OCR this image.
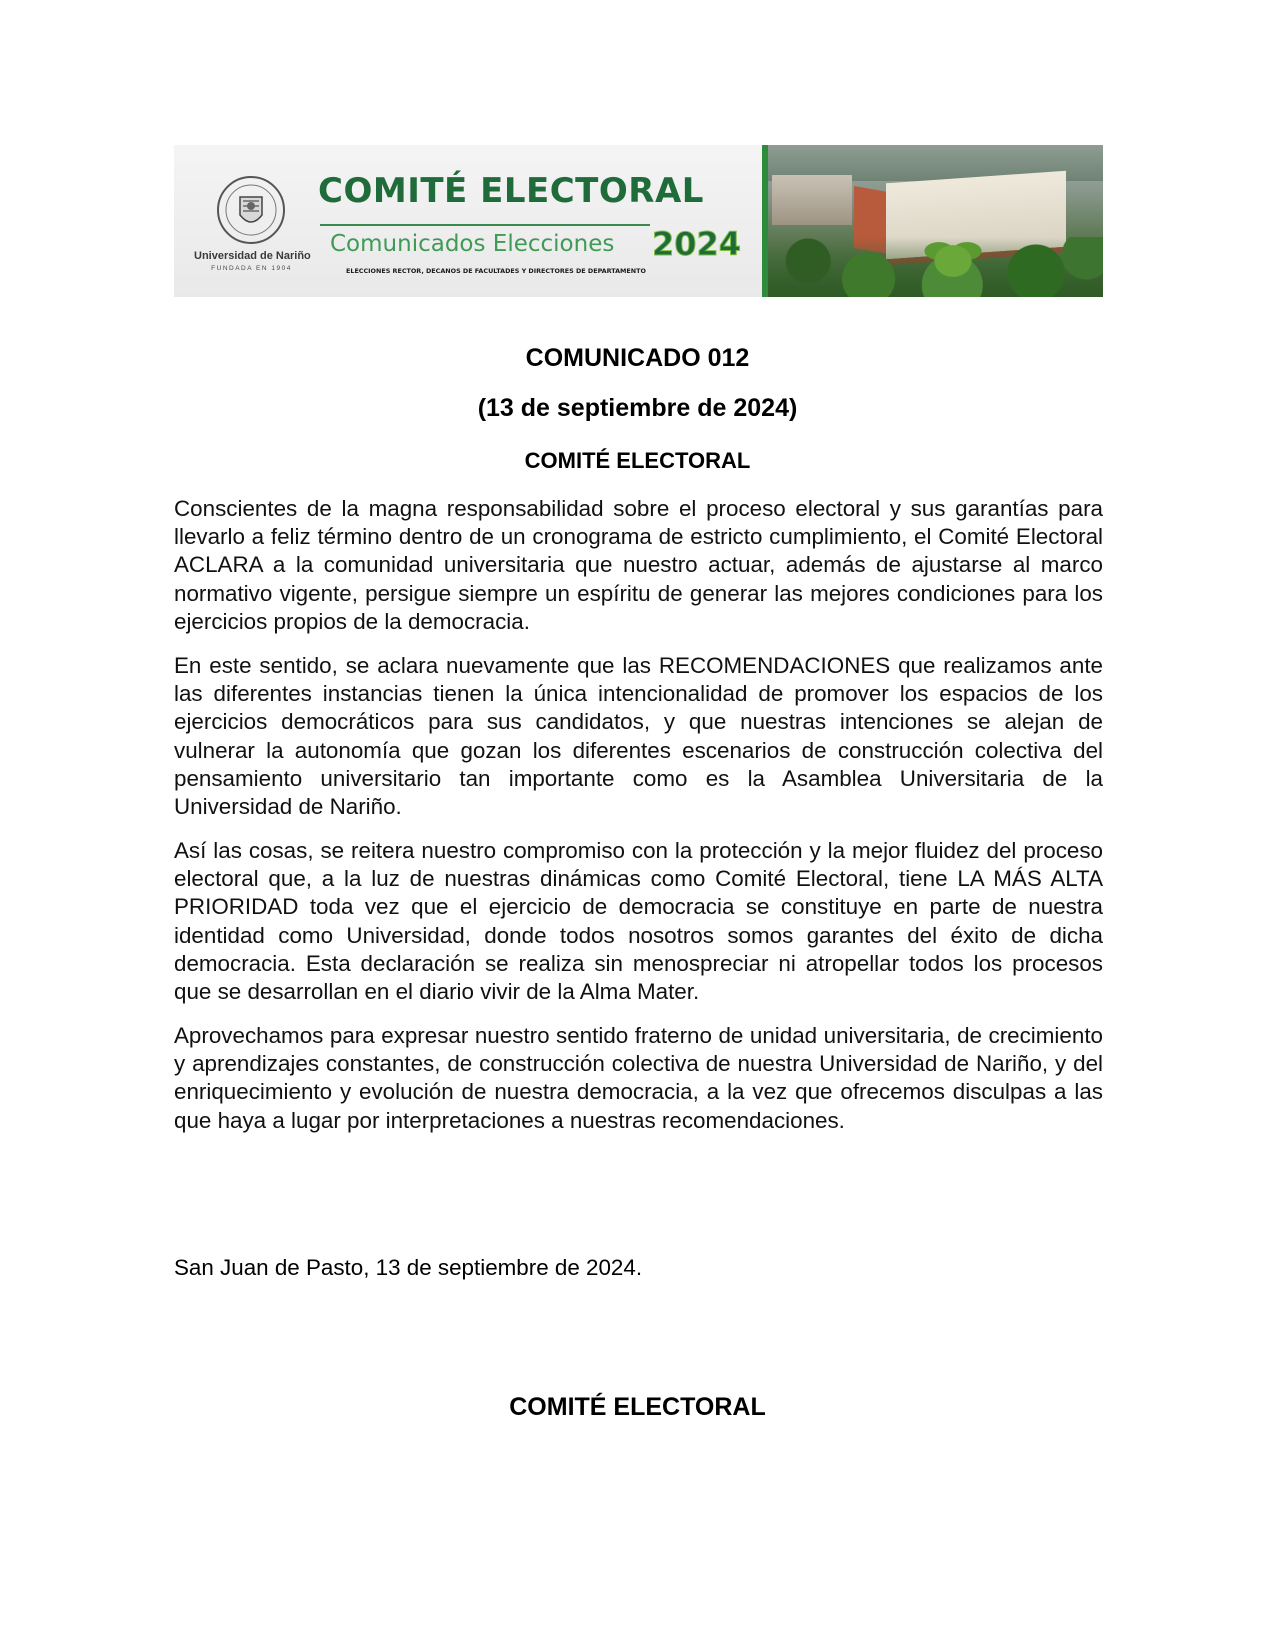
Universidad de Nariño
FUNDADA EN 1904
COMITÉ ELECTORAL
Comunicados Elecciones 2024
ELECCIONES RECTOR, DECANOS DE FACULTADES Y DIRECTORES DE DEPARTAMENTO
COMUNICADO 012
(13 de septiembre de 2024)
COMITÉ ELECTORAL

Conscientes de la magna responsabilidad sobre el proceso electoral y sus garantías para llevarlo a feliz término dentro de un cronograma de estricto cumplimiento, el Comité Electoral ACLARA a la comunidad universitaria que nuestro actuar, además de ajustarse al marco normativo vigente, persigue siempre un espíritu de generar las mejores condiciones para los ejercicios propios de la democracia.

En este sentido, se aclara nuevamente que las RECOMENDACIONES que realizamos ante las diferentes instancias tienen la única intencionalidad de promover los espacios de los ejercicios democráticos para sus candidatos, y que nuestras intenciones se alejan de vulnerar la autonomía que gozan los diferentes escenarios de construcción colectiva del pensamiento universitario tan importante como es la Asamblea Universitaria de la Universidad de Nariño.

Así las cosas, se reitera nuestro compromiso con la protección y la mejor fluidez del proceso electoral que, a la luz de nuestras dinámicas como Comité Electoral, tiene LA MÁS ALTA PRIORIDAD toda vez que el ejercicio de democracia se constituye en parte de nuestra identidad como Universidad, donde todos nosotros somos garantes del éxito de dicha democracia. Esta declaración se realiza sin menospreciar ni atropellar todos los procesos que se desarrollan en el diario vivir de la Alma Mater.

Aprovechamos para expresar nuestro sentido fraterno de unidad universitaria, de crecimiento y aprendizajes constantes, de construcción colectiva de nuestra Universidad de Nariño, y del enriquecimiento y evolución de nuestra democracia, a la vez que ofrecemos disculpas a las que haya a lugar por interpretaciones a nuestras recomendaciones.

San Juan de Pasto, 13 de septiembre de 2024.

COMITÉ ELECTORAL
